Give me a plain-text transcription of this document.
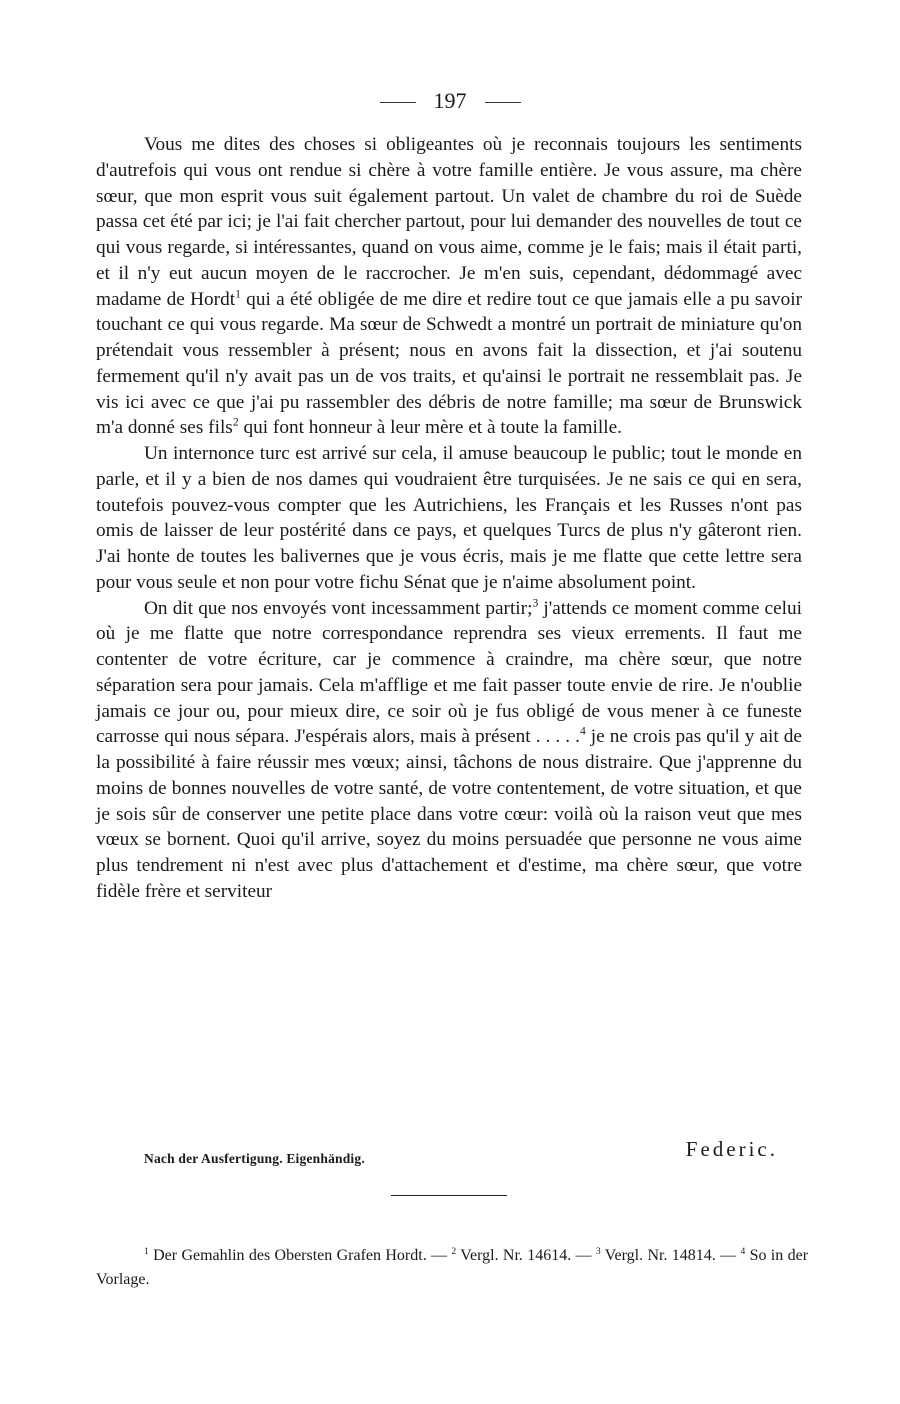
197

Vous me dites des choses si obligeantes où je reconnais toujours les sentiments d'autrefois qui vous ont rendue si chère à votre famille entière. Je vous assure, ma chère sœur, que mon esprit vous suit également partout. Un valet de chambre du roi de Suède passa cet été par ici; je l'ai fait chercher partout, pour lui demander des nouvelles de tout ce qui vous regarde, si intéressantes, quand on vous aime, comme je le fais; mais il était parti, et il n'y eut aucun moyen de le raccrocher. Je m'en suis, cependant, dédommagé avec madame de Hordt$^1$ qui a été obligée de me dire et redire tout ce que jamais elle a pu savoir touchant ce qui vous regarde. Ma sœur de Schwedt a montré un portrait de miniature qu'on prétendait vous ressembler à présent; nous en avons fait la dissection, et j'ai soutenu fermement qu'il n'y avait pas un de vos traits, et qu'ainsi le portrait ne ressemblait pas. Je vis ici avec ce que j'ai pu rassembler des débris de notre famille; ma sœur de Brunswick m'a donné ses fils$^2$ qui font honneur à leur mère et à toute la famille.

Un internonce turc est arrivé sur cela, il amuse beaucoup le public; tout le monde en parle, et il y a bien de nos dames qui voudraient être turquisées. Je ne sais ce qui en sera, toutefois pouvez-vous compter que les Autrichiens, les Français et les Russes n'ont pas omis de laisser de leur postérité dans ce pays, et quelques Turcs de plus n'y gâteront rien. J'ai honte de toutes les balivernes que je vous écris, mais je me flatte que cette lettre sera pour vous seule et non pour votre fichu Sénat que je n'aime absolument point.

On dit que nos envoyés vont incessamment partir;$^3$ j'attends ce moment comme celui où je me flatte que notre correspondance reprendra ses vieux errements. Il faut me contenter de votre écriture, car je commence à craindre, ma chère sœur, que notre séparation sera pour jamais. Cela m'afflige et me fait passer toute envie de rire. Je n'oublie jamais ce jour ou, pour mieux dire, ce soir où je fus obligé de vous mener à ce funeste carrosse qui nous sépara. J'espérais alors, mais à présent . . . . .$^4$ je ne crois pas qu'il y ait de la possibilité à faire réussir mes vœux; ainsi, tâchons de nous distraire. Que j'apprenne du moins de bonnes nouvelles de votre santé, de votre contentement, de votre situation, et que je sois sûr de conserver une petite place dans votre cœur: voilà où la raison veut que mes vœux se bornent. Quoi qu'il arrive, soyez du moins persuadée que personne ne vous aime plus tendrement ni n'est avec plus d'attachement et d'estime, ma chère sœur, que votre fidèle frère et serviteur

Nach der Ausfertigung. Eigenhändig.	Federic.

$^1$ Der Gemahlin des Obersten Grafen Hordt. — $^2$ Vergl. Nr. 14614. — $^3$ Vergl. Nr. 14814. — $^4$ So in der Vorlage.
